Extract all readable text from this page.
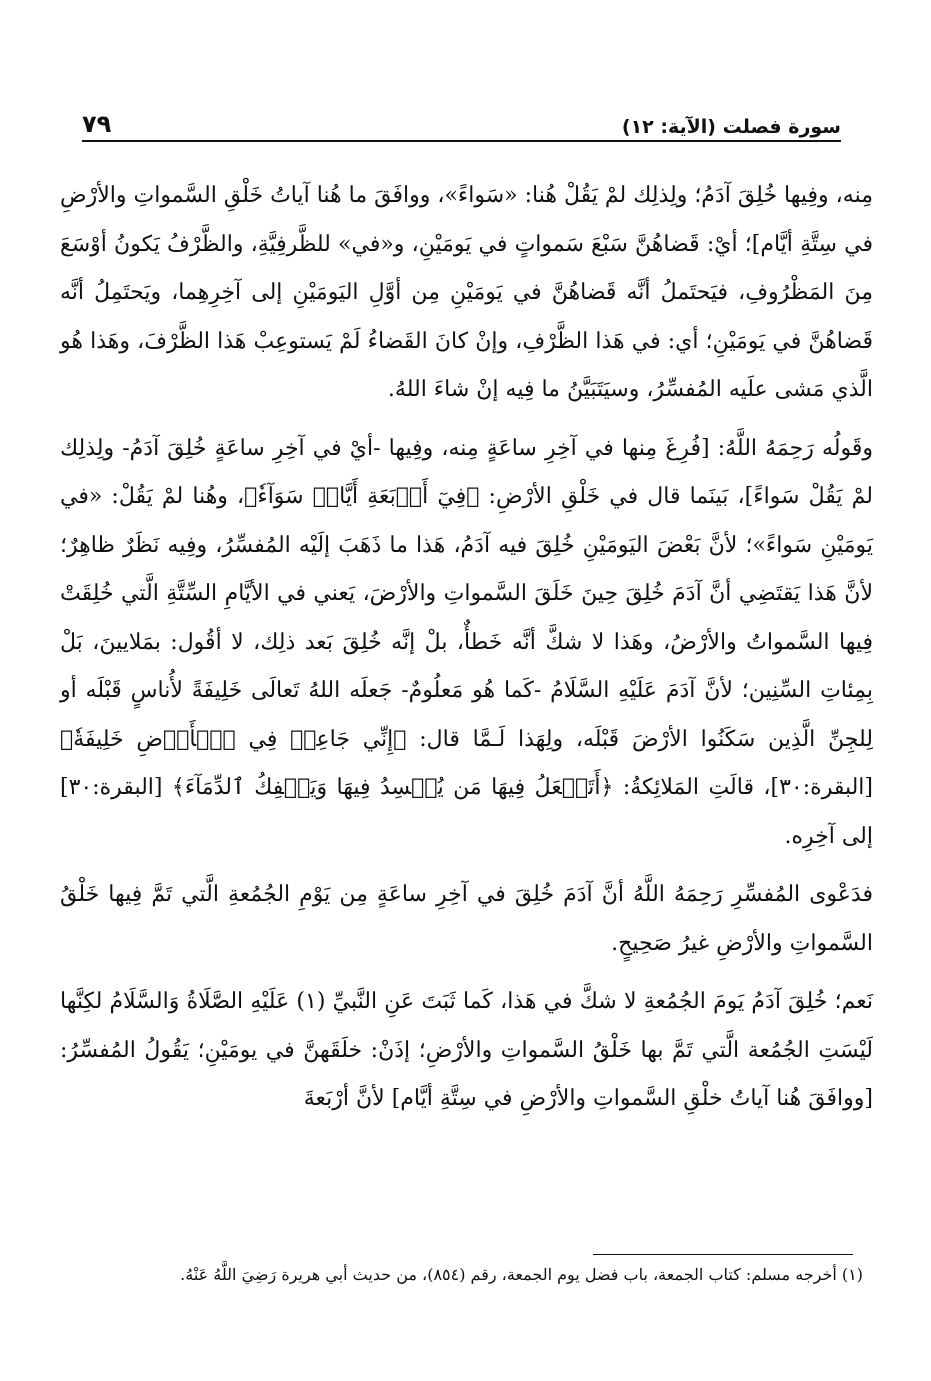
سورة فصلت (الآية: ١٢)
٧٩

مِنه، وفِيها خُلِقَ آدَمُ؛ ولِذلِك لمْ يَقُلْ هُنا: «سَواءً»، ووافَقَ ما هُنا آياتُ خَلْقِ السَّمواتِ والأرْضِ في سِتَّةِ أيَّام]؛ أيْ: قَضاهُنَّ سَبْعَ سَمواتٍ في يَومَيْنِ، و«في» للظَّرفِيَّةِ، والظَّرْفُ يَكونُ أوْسَعَ مِنَ المَظْرُوفِ، فيَحتَملُ أنَّه قَضاهُنَّ في يَومَيْنِ مِن أوَّلِ اليَومَيْنِ إلى آخِرِهِما، ويَحتَمِلُ أنَّه قَضاهُنَّ في يَومَيْنِ؛ أي: في هَذا الظَّرْفِ، وإنْ كانَ القَضاءُ لَمْ يَستوعِبْ هَذا الظَّرْفَ، وهَذا هُو الَّذي مَشى علَيه المُفسِّرُ، وسيَتَبَيَّنُ ما فِيه إنْ شاءَ اللهُ.

وقَولُه رَحِمَهُ اللَّهُ: [فُرِغَ مِنها في آخِرِ ساعَةٍ مِنه، وفِيها -أيْ في آخِرِ ساعَةٍ خُلِقَ آدَمُ- ولِذلِك لمْ يَقُلْ سَواءً]، بَينَما قال في خَلْقِ الأرْضِ: ﴿فِيٓ أَرۡبَعَةِ أَيَّامٖ سَوَآءٗ﴾، وهُنا لمْ يَقُلْ: «في يَومَيْنِ سَواءً»؛ لأنَّ بَعْضَ اليَومَيْنِ خُلِقَ فيه آدَمُ، هَذا ما ذَهَبَ إلَيْه المُفسِّرُ، وفِيه نَظَرٌ ظاهِرٌ؛ لأنَّ هَذا يَقتَضِي أنَّ آدَمَ خُلِقَ حِينَ خَلَقَ السَّمواتِ والأرْضَ، يَعني في الأيَّامِ السِّتَّةِ الَّتي خُلِقَتْ فِيها السَّمواتُ والأرْضُ، وهَذا لا شكَّ أنَّه خَطأٌ، بلْ إنَّه خُلِقَ بَعد ذلِك، لا أقُول: بمَلايينَ، بَلْ بِمِئاتِ السِّنِين؛ لأنَّ آدَمَ عَلَيْهِ السَّلَامُ -كَما هُو مَعلُومٌ- جَعلَه اللهُ تَعالَى خَلِيفَةً لأُناسٍ قَبْلَه أو لِلجِنِّ الَّذِين سَكَنُوا الأرْضَ قَبْلَه، ولِهَذا لَـمَّا قال: ﴿إِنِّي جَاعِلٞ فِي ٱلۡأَرۡضِ خَلِيفَةٗ﴾ [البقرة:٣٠]، قالَتِ المَلائِكةُ: ﴿أَتَجۡعَلُ فِيهَا مَن يُفۡسِدُ فِيهَا وَيَسۡفِكُ ٱلدِّمَآءَ﴾ [البقرة:٣٠] إلى آخِرِه.

فدَعْوى المُفسِّرِ رَحِمَهُ اللَّهُ أنَّ آدَمَ خُلِقَ في آخِرِ ساعَةٍ مِن يَوْمِ الجُمُعةِ الَّتي تَمَّ فِيها خَلْقُ السَّمواتِ والأرْضِ غيرُ صَحِيحٍ.

نَعم؛ خُلِقَ آدَمُ يَومَ الجُمُعةِ لا شكَّ في هَذا، كَما ثَبَتَ عَنِ النَّبيِّ (١) عَلَيْهِ الصَّلَاةُ وَالسَّلَامُ لكِنَّها لَيْسَتِ الجُمُعة الَّتي تَمَّ بها خَلْقُ السَّمواتِ والأرْضِ؛ إذَنْ: خلَقَهنَّ في يومَيْنِ؛ يَقُولُ المُفسِّرُ: [ووافَقَ هُنا آياتُ خلْقِ السَّمواتِ والأرْضِ في سِتَّةِ أيَّام] لأنَّ أرْبَعةَ

(١) أخرجه مسلم: كتاب الجمعة، باب فضل يوم الجمعة، رقم (٨٥٤)، من حديث أبي هريرة رَضِيَ اللَّهُ عَنْهُ.
